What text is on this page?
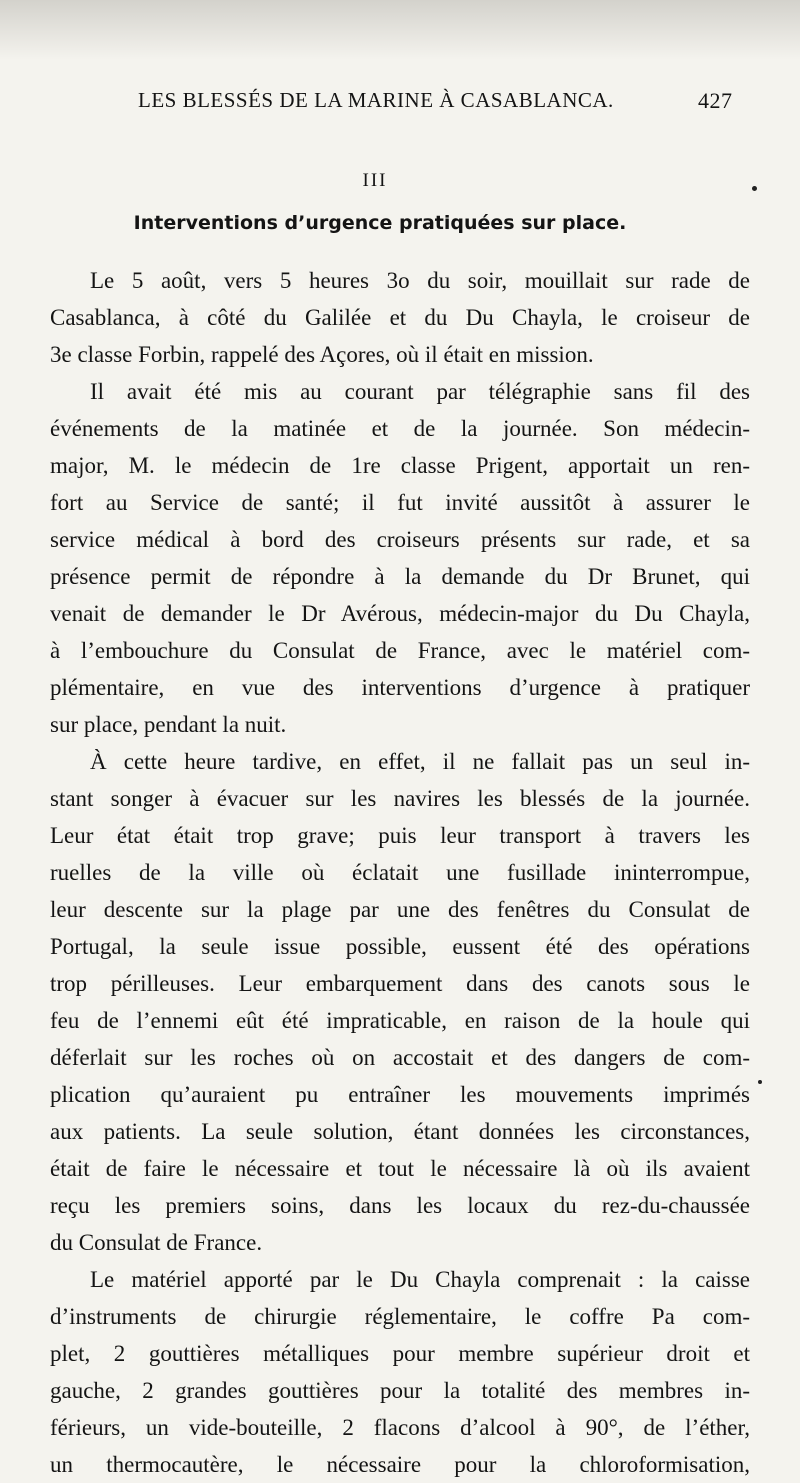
LES BLESSÉS DE LA MARINE À CASABLANCA.	427
III
Interventions d’urgence pratiquées sur place.
Le 5 août, vers 5 heures 3o du soir, mouillait sur rade de
Casablanca, à côté du Galilée et du Du Chayla, le croiseur de
3e classe Forbin, rappelé des Açores, où il était en mission.
Il avait été mis au courant par télégraphie sans fil des
événements de la matinée et de la journée. Son médecin-
major, M. le médecin de 1re classe Prigent, apportait un ren-
fort au Service de santé; il fut invité aussitôt à assurer le
service médical à bord des croiseurs présents sur rade, et sa
présence permit de répondre à la demande du Dr Brunet, qui
venait de demander le Dr Avérous, médecin-major du Du Chayla,
à l’embouchure du Consulat de France, avec le matériel com-
plémentaire, en vue des interventions d’urgence à pratiquer
sur place, pendant la nuit.
À cette heure tardive, en effet, il ne fallait pas un seul in-
stant songer à évacuer sur les navires les blessés de la journée.
Leur état était trop grave; puis leur transport à travers les
ruelles de la ville où éclatait une fusillade ininterrompue,
leur descente sur la plage par une des fenêtres du Consulat de
Portugal, la seule issue possible, eussent été des opérations
trop périlleuses. Leur embarquement dans des canots sous le
feu de l’ennemi eût été impraticable, en raison de la houle qui
déferlait sur les roches où on accostait et des dangers de com-
plication qu’auraient pu entraîner les mouvements imprimés
aux patients. La seule solution, étant données les circonstances,
était de faire le nécessaire et tout le nécessaire là où ils avaient
reçu les premiers soins, dans les locaux du rez-du-chaussée
du Consulat de France.
Le matériel apporté par le Du Chayla comprenait : la caisse
d’instruments de chirurgie réglementaire, le coffre Pa com-
plet, 2 gouttières métalliques pour membre supérieur droit et
gauche, 2 grandes gouttières pour la totalité des membres in-
férieurs, un vide-bouteille, 2 flacons d’alcool à 90°, de l’éther,
un thermocautère, le nécessaire pour la chloroformisation,
